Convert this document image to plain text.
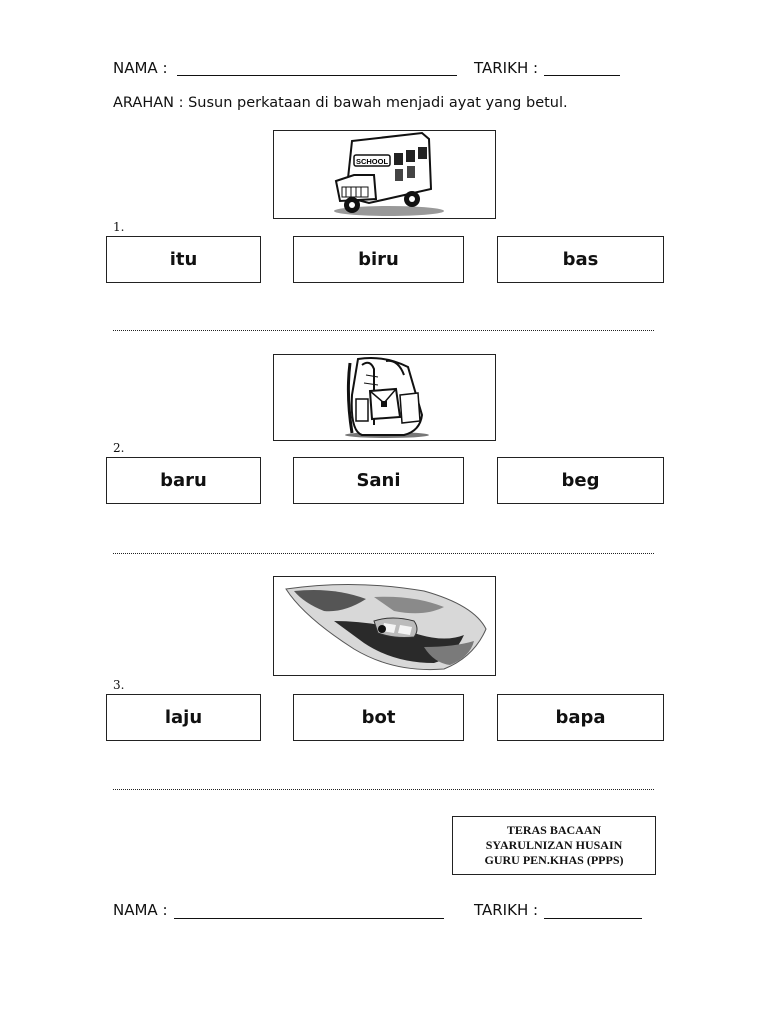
NAMA :	TARIKH :
ARAHAN : Susun perkataan di bawah menjadi ayat yang betul.
SCHOOL
1.
itu	biru	bas
2.
baru	Sani	beg
3.
laju	bot	bapa
TERAS BACAAN
SYARULNIZAN HUSAIN
GURU PEN.KHAS (PPPS)
NAMA :	TARIKH :
